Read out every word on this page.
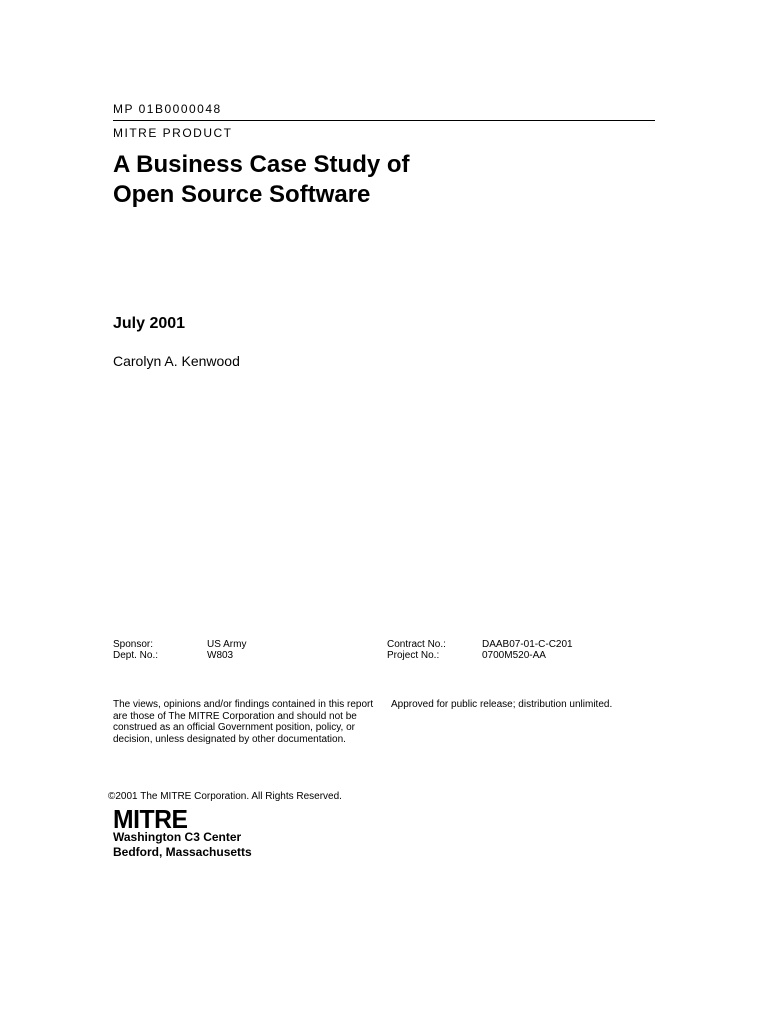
MP 01B0000048
MITRE PRODUCT
A Business Case Study of
Open Source Software
July 2001
Carolyn A. Kenwood
Sponsor:	US Army
Dept. No.:	W803
Contract No.:	DAAB07-01-C-C201
Project No.:	0700M520-AA
The views, opinions and/or findings contained in this report
are those of The MITRE Corporation and should not be
construed as an official Government position, policy, or
decision, unless designated by other documentation.
Approved for public release; distribution unlimited.
©2001 The MITRE Corporation. All Rights Reserved.
MITRE
Washington C3 Center
Bedford, Massachusetts
